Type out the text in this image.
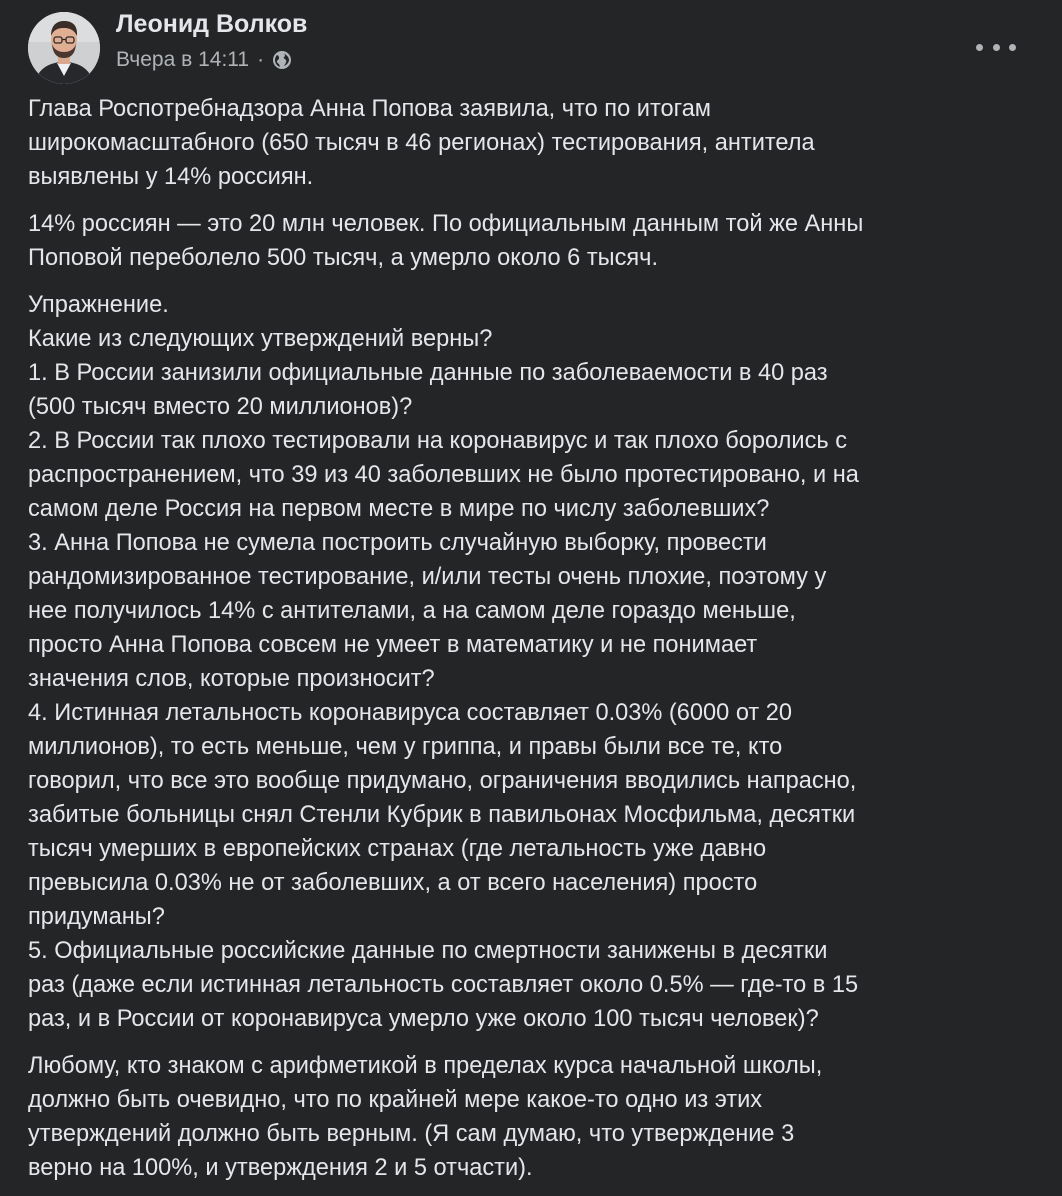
Леонид Волков
Вчера в 14:11 ·

Глава Роспотребнадзора Анна Попова заявила, что по итогам

широкомасштабного (650 тысяч в 46 регионах) тестирования, антитела

выявлены у 14% россиян.

14% россиян — это 20 млн человек. По официальным данным той же Анны

Поповой переболело 500 тысяч, а умерло около 6 тысяч.

Упражнение.

Какие из следующих утверждений верны?

1. В России занизили официальные данные по заболеваемости в 40 раз

(500 тысяч вместо 20 миллионов)?

2. В России так плохо тестировали на коронавирус и так плохо боролись с

распространением, что 39 из 40 заболевших не было протестировано, и на

самом деле Россия на первом месте в мире по числу заболевших?

3. Анна Попова не сумела построить случайную выборку, провести

рандомизированное тестирование, и/или тесты очень плохие, поэтому у

нее получилось 14% с антителами, а на самом деле гораздо меньше,

просто Анна Попова совсем не умеет в математику и не понимает

значения слов, которые произносит?

4. Истинная летальность коронавируса составляет 0.03% (6000 от 20

миллионов), то есть меньше, чем у гриппа, и правы были все те, кто

говорил, что все это вообще придумано, ограничения вводились напрасно,

забитые больницы снял Стенли Кубрик в павильонах Мосфильма, десятки

тысяч умерших в европейских странах (где летальность уже давно

превысила 0.03% не от заболевших, а от всего населения) просто

придуманы?

5. Официальные российские данные по смертности занижены в десятки

раз (даже если истинная летальность составляет около 0.5% — где-то в 15

раз, и в России от коронавируса умерло уже около 100 тысяч человек)?

Любому, кто знаком с арифметикой в пределах курса начальной школы,

должно быть очевидно, что по крайней мере какое-то одно из этих

утверждений должно быть верным. (Я сам думаю, что утверждение 3

верно на 100%, и утверждения 2 и 5 отчасти).
